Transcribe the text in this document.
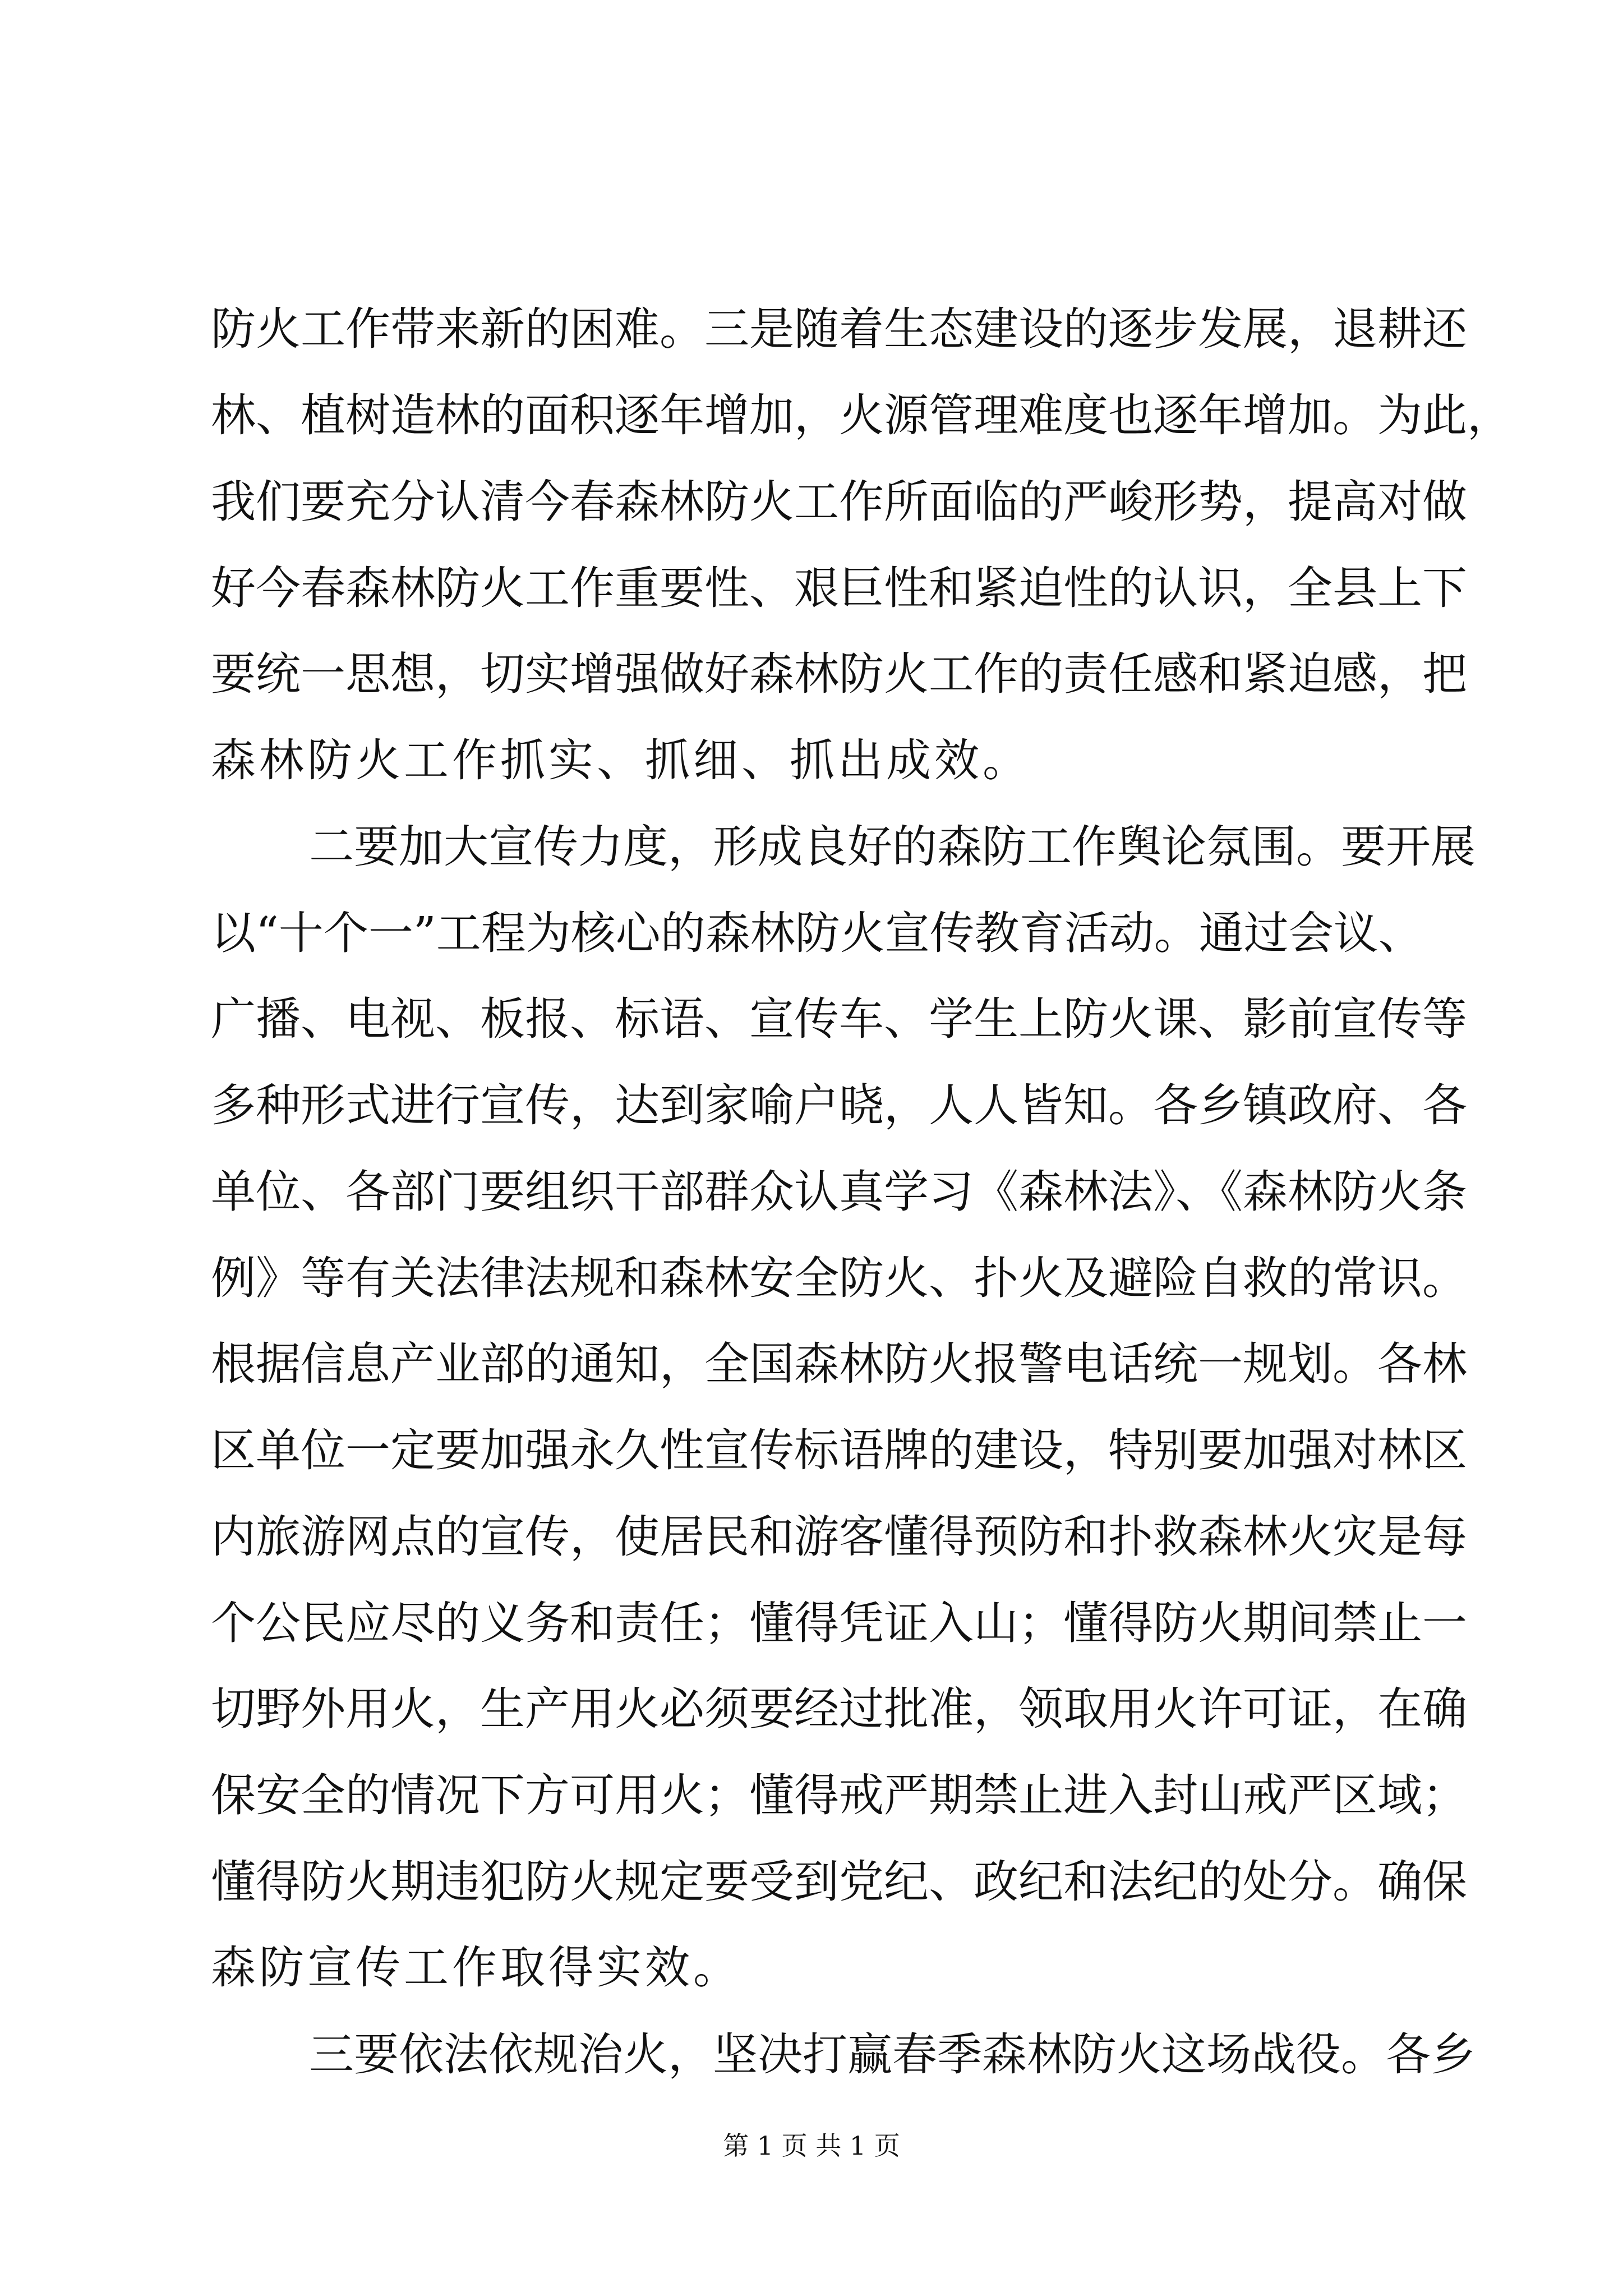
防火工作带来新的困难。三是随着生态建设的逐步发展，退耕还
林、植树造林的面积逐年增加，火源管理难度也逐年增加。为此，
我们要充分认清今春森林防火工作所面临的严峻形势，提高对做
好今春森林防火工作重要性、艰巨性和紧迫性的认识，全县上下
要统一思想，切实增强做好森林防火工作的责任感和紧迫感，把
森林防火工作抓实、抓细、抓出成效。
二要加大宣传力度，形成良好的森防工作舆论氛围。要开展
以“十个一”工程为核心的森林防火宣传教育活动。通过会议、
广播、电视、板报、标语、宣传车、学生上防火课、影前宣传等
多种形式进行宣传，达到家喻户晓，人人皆知。各乡镇政府、各
单位、各部门要组织干部群众认真学习《森林法》、《森林防火条
例》等有关法律法规和森林安全防火、扑火及避险自救的常识。
根据信息产业部的通知，全国森林防火报警电话统一规划。各林
区单位一定要加强永久性宣传标语牌的建设，特别要加强对林区
内旅游网点的宣传，使居民和游客懂得预防和扑救森林火灾是每
个公民应尽的义务和责任；懂得凭证入山；懂得防火期间禁止一
切野外用火，生产用火必须要经过批准，领取用火许可证，在确
保安全的情况下方可用火；懂得戒严期禁止进入封山戒严区域；
懂得防火期违犯防火规定要受到党纪、政纪和法纪的处分。确保
森防宣传工作取得实效。
三要依法依规治火，坚决打赢春季森林防火这场战役。各乡
第 1 页 共 1 页
